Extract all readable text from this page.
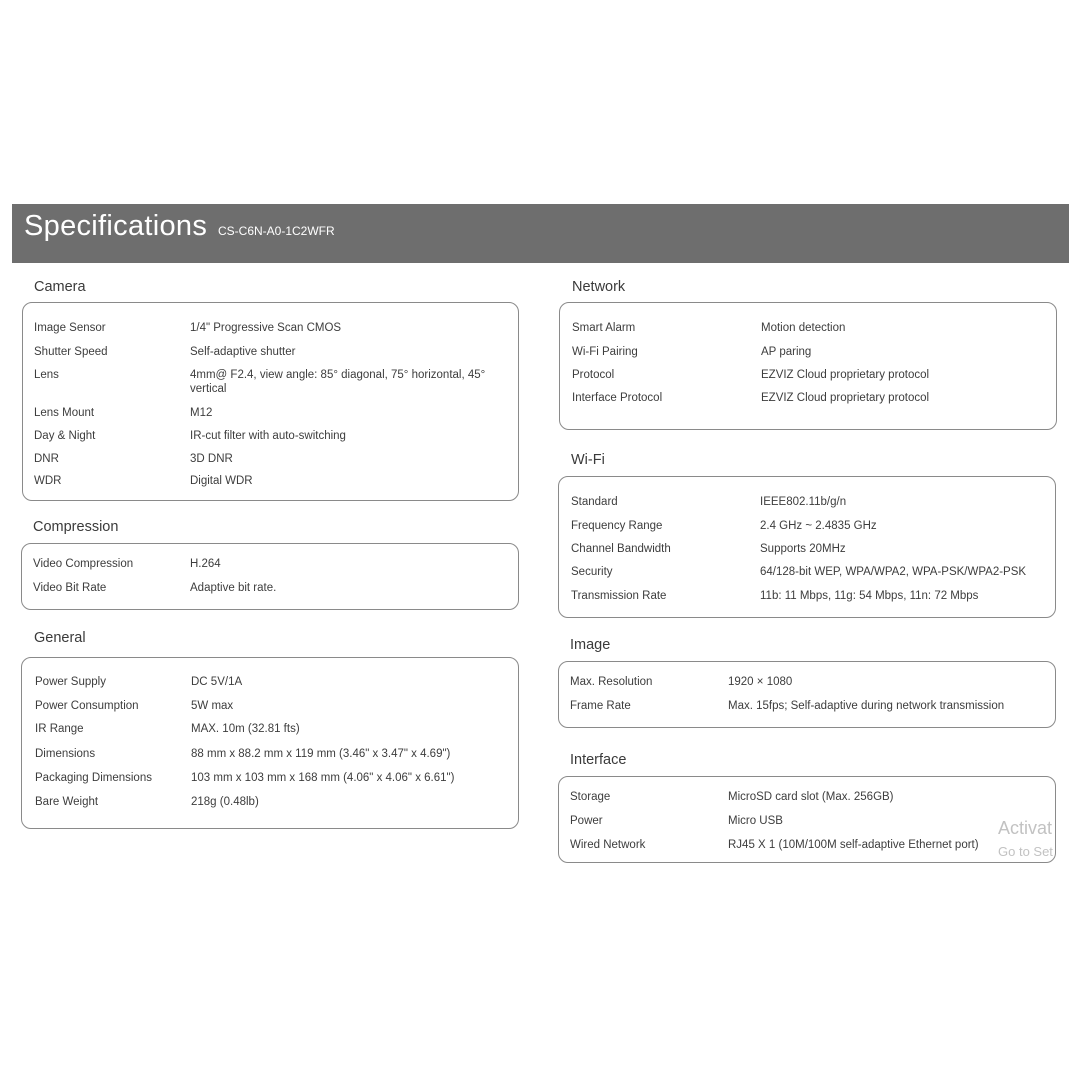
Specifications CS-C6N-A0-1C2WFR
Camera
Image Sensor	1/4" Progressive Scan CMOS
Shutter Speed	Self-adaptive shutter
Lens	4mm@ F2.4, view angle: 85° diagonal, 75° horizontal, 45° vertical
Lens Mount	M12
Day & Night	IR-cut filter with auto-switching
DNR	3D DNR
WDR	Digital WDR
Compression
Video Compression	H.264
Video Bit Rate	Adaptive bit rate.
General
Power Supply	DC 5V/1A
Power Consumption	5W max
IR Range	MAX. 10m (32.81 fts)
Dimensions	88 mm x 88.2 mm x 119 mm (3.46" x 3.47" x 4.69")
Packaging Dimensions	103 mm x 103 mm x 168 mm (4.06" x 4.06" x 6.61")
Bare Weight	218g (0.48lb)
Network
Smart Alarm	Motion detection
Wi-Fi Pairing	AP paring
Protocol	EZVIZ Cloud proprietary protocol
Interface Protocol	EZVIZ Cloud proprietary protocol
Wi-Fi
Standard	IEEE802.11b/g/n
Frequency Range	2.4 GHz ~ 2.4835 GHz
Channel Bandwidth	Supports 20MHz
Security	64/128-bit WEP, WPA/WPA2, WPA-PSK/WPA2-PSK
Transmission Rate	11b: 11 Mbps, 11g: 54 Mbps, 11n: 72 Mbps
Image
Max. Resolution	1920 × 1080
Frame Rate	Max. 15fps; Self-adaptive during network transmission
Interface
Storage	MicroSD card slot (Max. 256GB)
Power	Micro USB
Wired Network	RJ45 X 1 (10M/100M self-adaptive Ethernet port)
Activat
Go to Set
